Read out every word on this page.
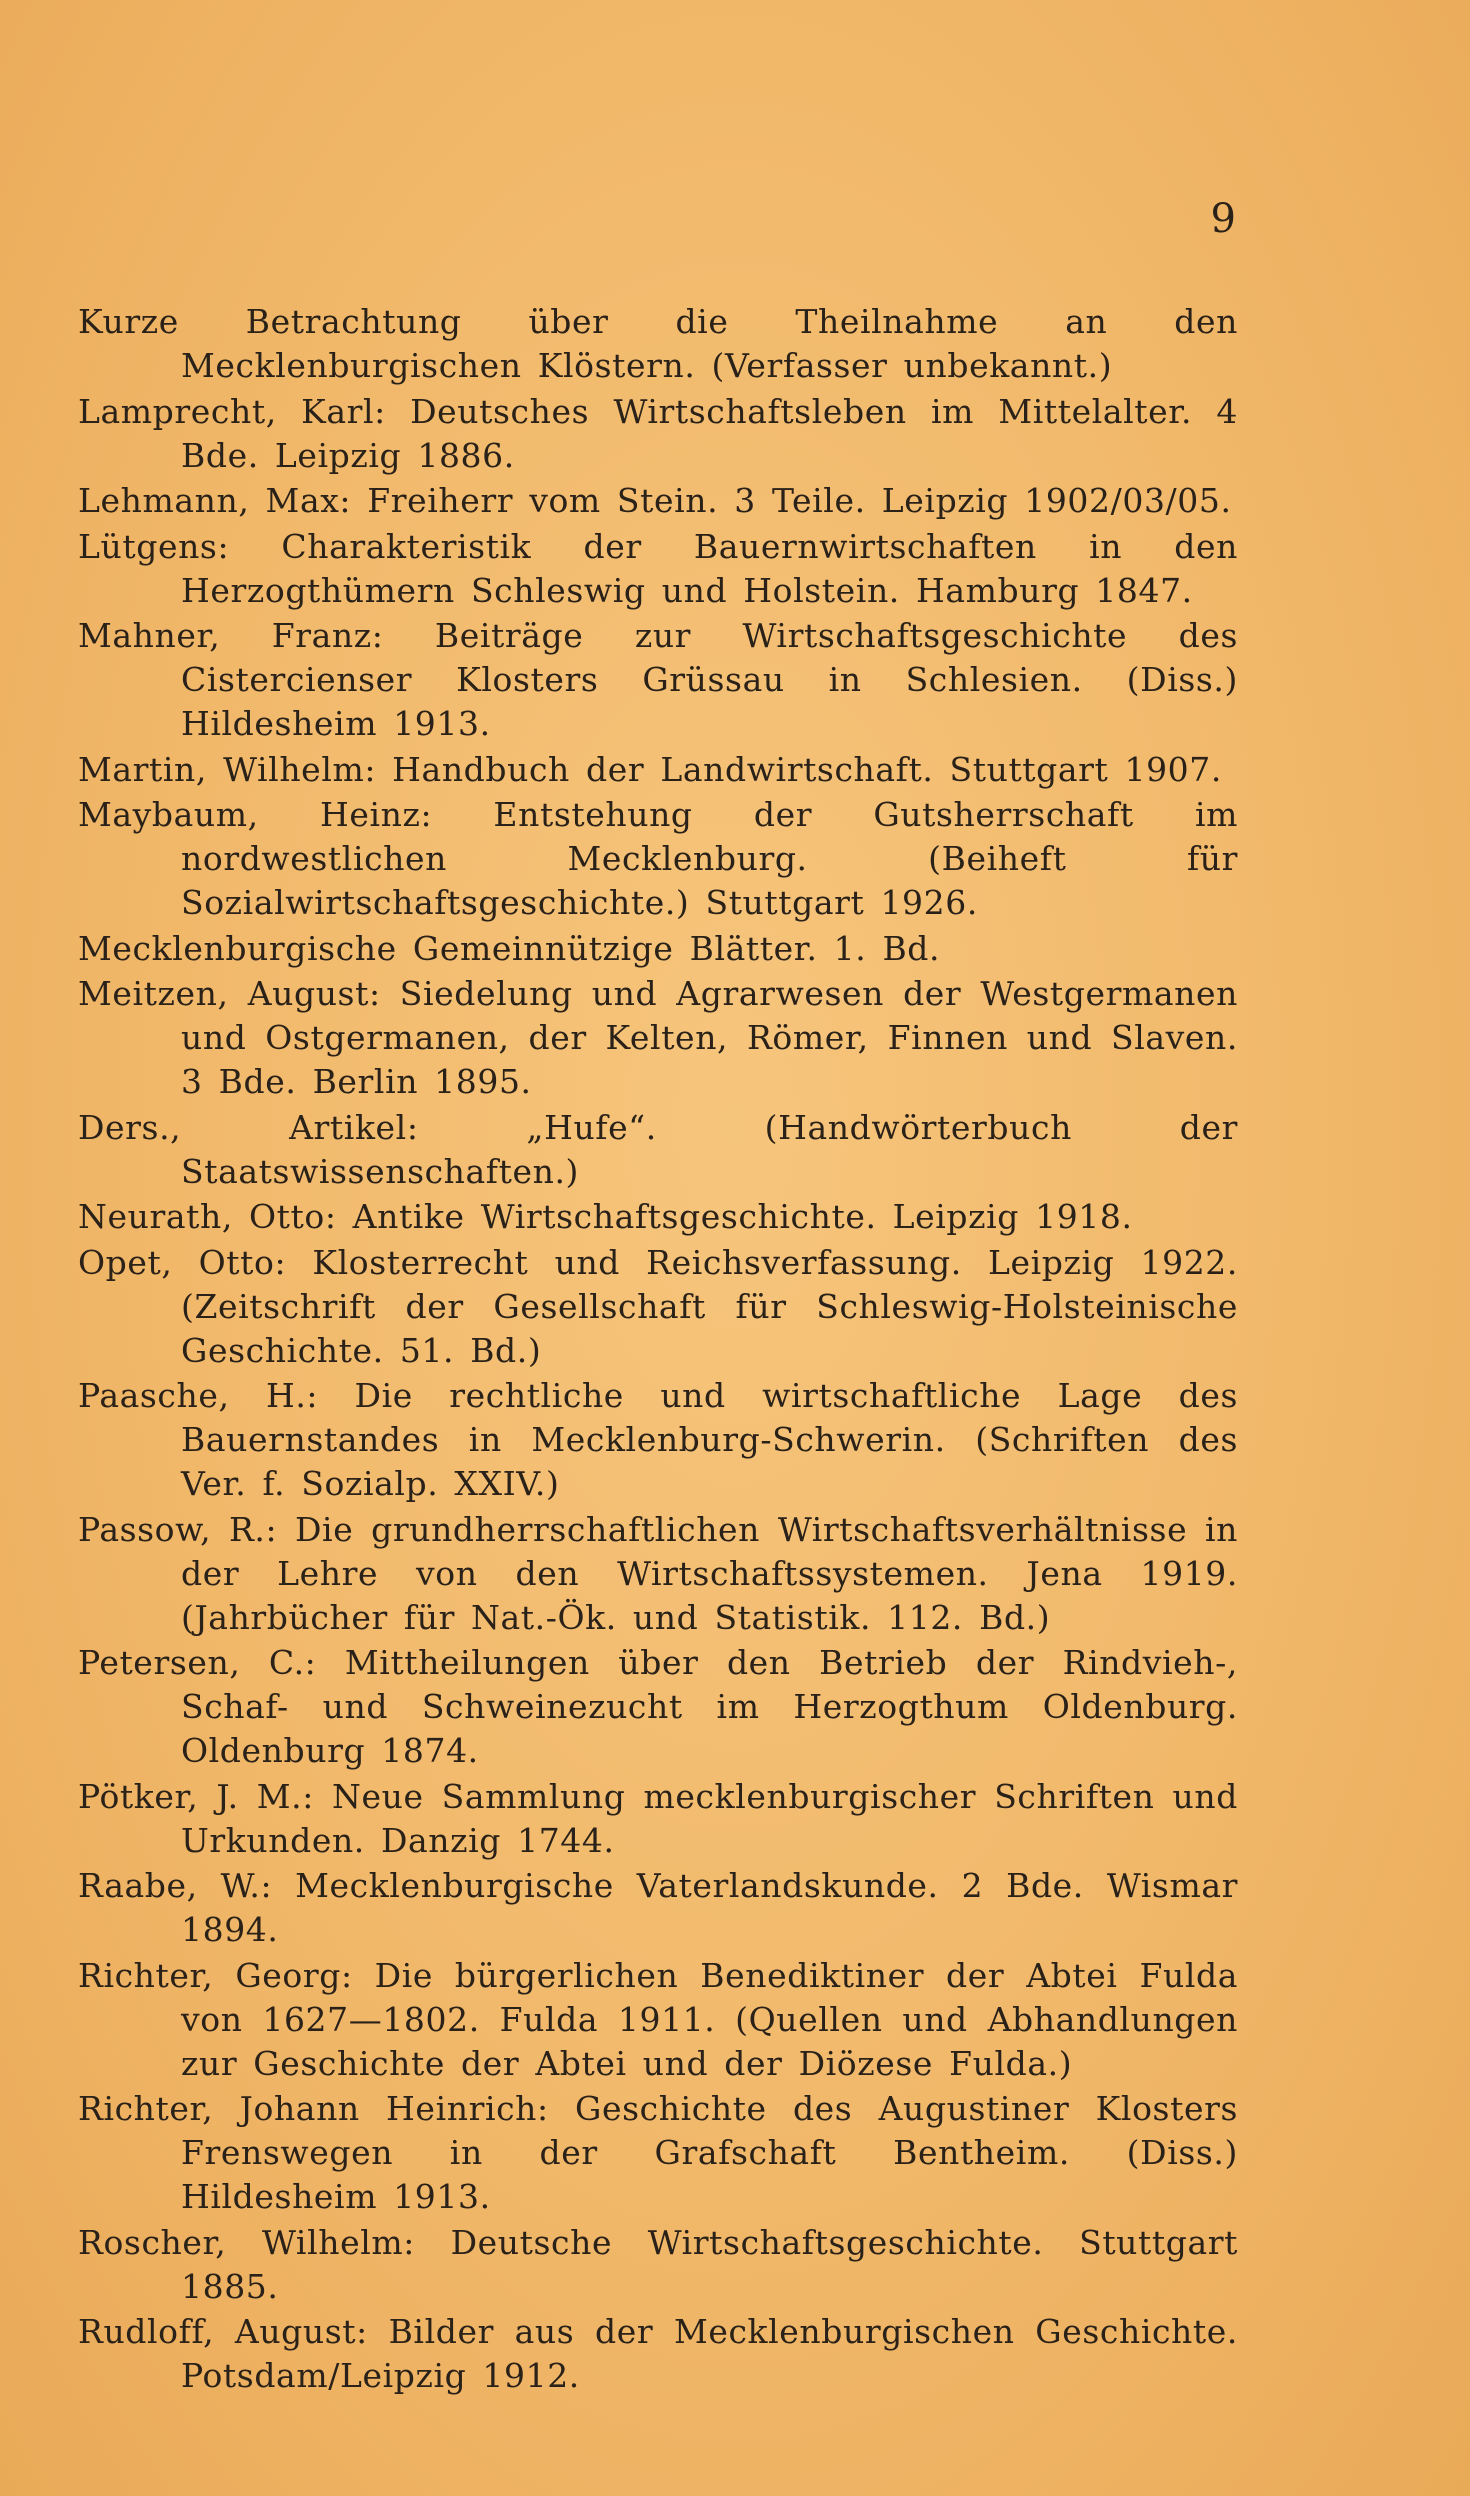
9
Kurze Betrachtung über die Theilnahme an den Mecklenburgischen Klöstern. (Verfasser unbekannt.)
Lamprecht, Karl: Deutsches Wirtschaftsleben im Mittelalter. 4 Bde. Leipzig 1886.
Lehmann, Max: Freiherr vom Stein. 3 Teile. Leipzig 1902/03/05.
Lütgens: Charakteristik der Bauernwirtschaften in den Herzogthümern Schleswig und Holstein. Hamburg 1847.
Mahner, Franz: Beiträge zur Wirtschaftsgeschichte des Cistercienser Klosters Grüssau in Schlesien. (Diss.) Hildesheim 1913.
Martin, Wilhelm: Handbuch der Landwirtschaft. Stuttgart 1907.
Maybaum, Heinz: Entstehung der Gutsherrschaft im nordwestlichen Mecklenburg. (Beiheft für Sozialwirtschaftsgeschichte.) Stuttgart 1926.
Mecklenburgische Gemeinnützige Blätter. 1. Bd.
Meitzen, August: Siedelung und Agrarwesen der Westgermanen und Ostgermanen, der Kelten, Römer, Finnen und Slaven. 3 Bde. Berlin 1895.
Ders., Artikel: „Hufe“. (Handwörterbuch der Staatswissenschaften.)
Neurath, Otto: Antike Wirtschaftsgeschichte. Leipzig 1918.
Opet, Otto: Klosterrecht und Reichsverfassung. Leipzig 1922. (Zeitschrift der Gesellschaft für Schleswig-Holsteinische Geschichte. 51. Bd.)
Paasche, H.: Die rechtliche und wirtschaftliche Lage des Bauernstandes in Mecklenburg-Schwerin. (Schriften des Ver. f. Sozialp. XXIV.)
Passow, R.: Die grundherrschaftlichen Wirtschaftsverhältnisse in der Lehre von den Wirtschaftssystemen. Jena 1919. (Jahrbücher für Nat.-Ök. und Statistik. 112. Bd.)
Petersen, C.: Mittheilungen über den Betrieb der Rindvieh-, Schaf- und Schweinezucht im Herzogthum Oldenburg. Oldenburg 1874.
Pötker, J. M.: Neue Sammlung mecklenburgischer Schriften und Urkunden. Danzig 1744.
Raabe, W.: Mecklenburgische Vaterlandskunde. 2 Bde. Wismar 1894.
Richter, Georg: Die bürgerlichen Benediktiner der Abtei Fulda von 1627—1802. Fulda 1911. (Quellen und Abhandlungen zur Geschichte der Abtei und der Diözese Fulda.)
Richter, Johann Heinrich: Geschichte des Augustiner Klosters Frenswegen in der Grafschaft Bentheim. (Diss.) Hildesheim 1913.
Roscher, Wilhelm: Deutsche Wirtschaftsgeschichte. Stuttgart 1885.
Rudloff, August: Bilder aus der Mecklenburgischen Geschichte. Potsdam/Leipzig 1912.
